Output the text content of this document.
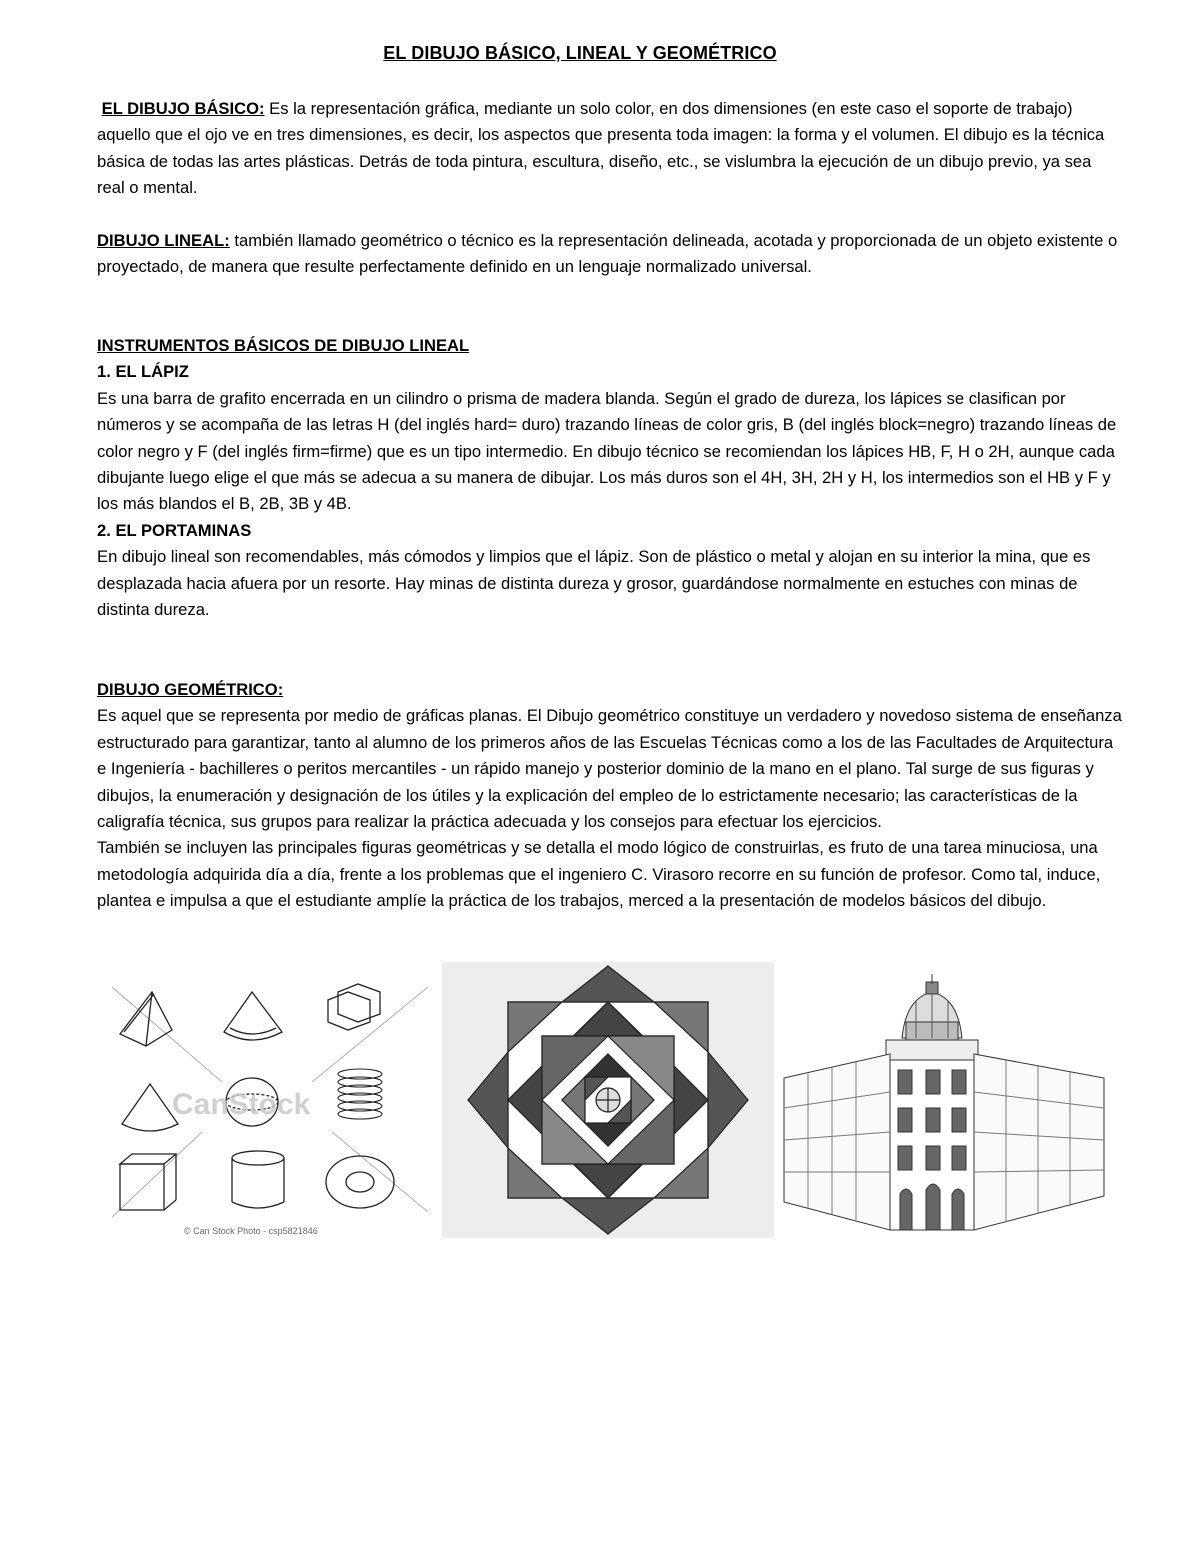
EL DIBUJO BÁSICO, LINEAL Y GEOMÉTRICO
EL DIBUJO BÁSICO: Es la representación gráfica, mediante un solo color, en dos dimensiones (en este caso el soporte de trabajo) aquello que el ojo ve en tres dimensiones, es decir, los aspectos que presenta toda imagen: la forma y el volumen. El dibujo es la técnica básica de todas las artes plásticas. Detrás de toda pintura, escultura, diseño, etc., se vislumbra la ejecución de un dibujo previo, ya sea real o mental.
DIBUJO LINEAL: también llamado geométrico o técnico es la representación delineada, acotada y proporcionada de un objeto existente o proyectado, de manera que resulte perfectamente definido en un lenguaje normalizado universal.
INSTRUMENTOS BÁSICOS DE DIBUJO LINEAL
1. EL LÁPIZ
Es una barra de grafito encerrada en un cilindro o prisma de madera blanda. Según el grado de dureza, los lápices se clasifican por números y se acompaña de las letras H (del inglés hard= duro) trazando líneas de color gris, B (del inglés block=negro) trazando líneas de color negro y F (del inglés firm=firme) que es un tipo intermedio. En dibujo técnico se recomiendan los lápices HB, F, H o 2H, aunque cada dibujante luego elige el que más se adecua a su manera de dibujar. Los más duros son el 4H, 3H, 2H y H, los intermedios son el HB y F y los más blandos el B, 2B, 3B y 4B.
2. EL PORTAMINAS
En dibujo lineal son recomendables, más cómodos y limpios que el lápiz. Son de plástico o metal y alojan en su interior la mina, que es desplazada hacia afuera por un resorte. Hay minas de distinta dureza y grosor, guardándose normalmente en estuches con minas de distinta dureza.
DIBUJO GEOMÉTRICO:
Es aquel que se representa por medio de gráficas planas. El Dibujo geométrico constituye un verdadero y novedoso sistema de enseñanza estructurado para garantizar, tanto al alumno de los primeros años de las Escuelas Técnicas como a los de las Facultades de Arquitectura e Ingeniería - bachilleres o peritos mercantiles - un rápido manejo y posterior dominio de la mano en el plano. Tal surge de sus figuras y dibujos, la enumeración y designación de los útiles y la explicación del empleo de lo estrictamente necesario; las características de la caligrafía técnica, sus grupos para realizar la práctica adecuada y los consejos para efectuar los ejercicios.
También se incluyen las principales figuras geométricas y se detalla el modo lógico de construirlas, es fruto de una tarea minuciosa, una metodología adquirida día a día, frente a los problemas que el ingeniero C. Virasoro recorre en su función de profesor. Como tal, induce, plantea e impulsa a que el estudiante amplíe la práctica de los trabajos, merced a la presentación de modelos básicos del dibujo.
CanStock
© Can Stock Photo - csp5821846
